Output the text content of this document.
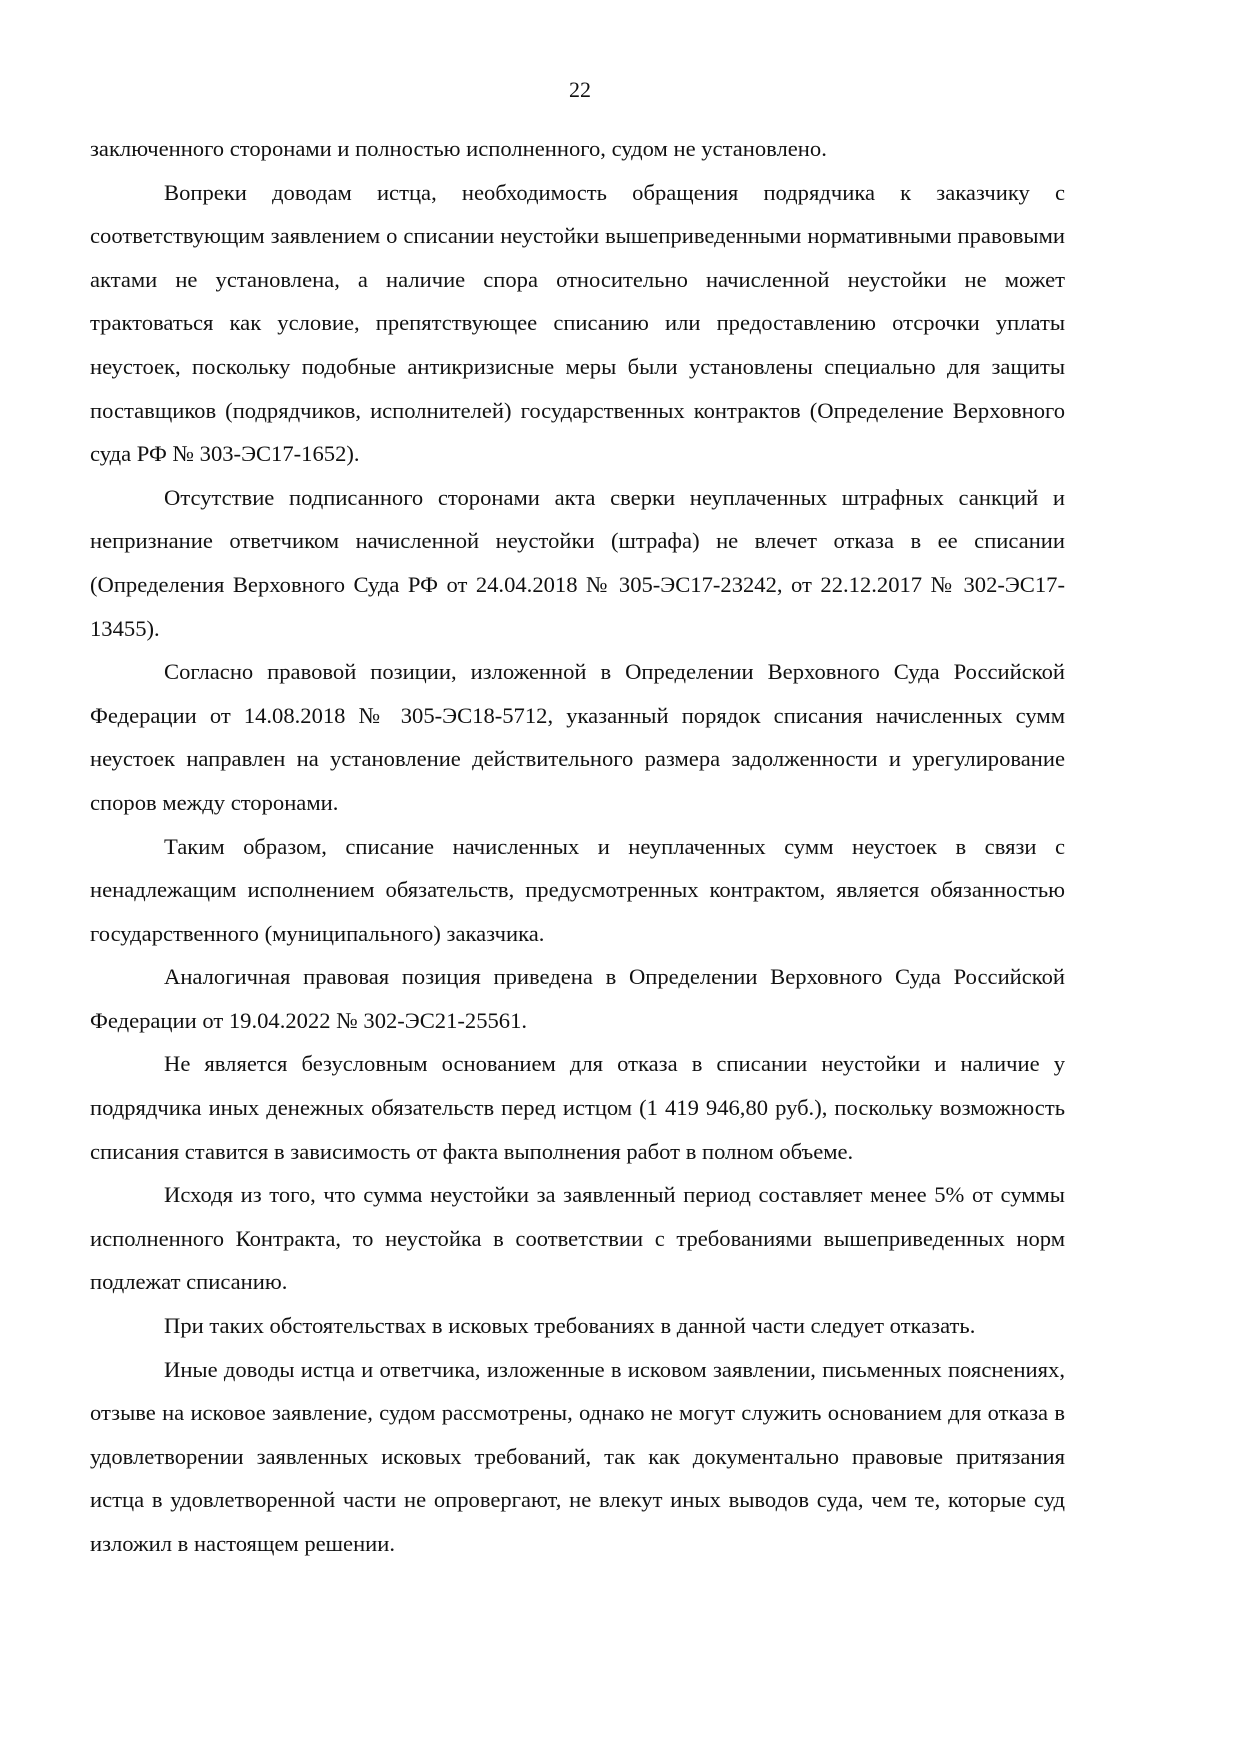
22

заключенного сторонами и полностью исполненного, судом не установлено.

Вопреки доводам истца, необходимость обращения подрядчика к заказчику с соответствующим заявлением о списании неустойки вышеприведенными нормативными правовыми актами не установлена, а наличие спора относительно начисленной неустойки не может трактоваться как условие, препятствующее списанию или предоставлению отсрочки уплаты неустоек, поскольку подобные антикризисные меры были установлены специально для защиты поставщиков (подрядчиков, исполнителей) государственных контрактов (Определение Верховного суда РФ № 303-ЭС17-1652).

Отсутствие подписанного сторонами акта сверки неуплаченных штрафных санкций и непризнание ответчиком начисленной неустойки (штрафа) не влечет отказа в ее списании (Определения Верховного Суда РФ от 24.04.2018 № 305-ЭС17-23242, от 22.12.2017 № 302-ЭС17-13455).

Согласно правовой позиции, изложенной в Определении Верховного Суда Российской Федерации от 14.08.2018 № 305-ЭС18-5712, указанный порядок списания начисленных сумм неустоек направлен на установление действительного размера задолженности и урегулирование споров между сторонами.

Таким образом, списание начисленных и неуплаченных сумм неустоек в связи с ненадлежащим исполнением обязательств, предусмотренных контрактом, является обязанностью государственного (муниципального) заказчика.

Аналогичная правовая позиция приведена в Определении Верховного Суда Российской Федерации от 19.04.2022 № 302-ЭС21-25561.

Не является безусловным основанием для отказа в списании неустойки и наличие у подрядчика иных денежных обязательств перед истцом (1 419 946,80 руб.), поскольку возможность списания ставится в зависимость от факта выполнения работ в полном объеме.

Исходя из того, что сумма неустойки за заявленный период составляет менее 5% от суммы исполненного Контракта, то неустойка в соответствии с требованиями вышеприведенных норм подлежат списанию.

При таких обстоятельствах в исковых требованиях в данной части следует отказать.

Иные доводы истца и ответчика, изложенные в исковом заявлении, письменных пояснениях, отзыве на исковое заявление, судом рассмотрены, однако не могут служить основанием для отказа в удовлетворении заявленных исковых требований, так как документально правовые притязания истца в удовлетворенной части не опровергают, не влекут иных выводов суда, чем те, которые суд изложил в настоящем решении.
